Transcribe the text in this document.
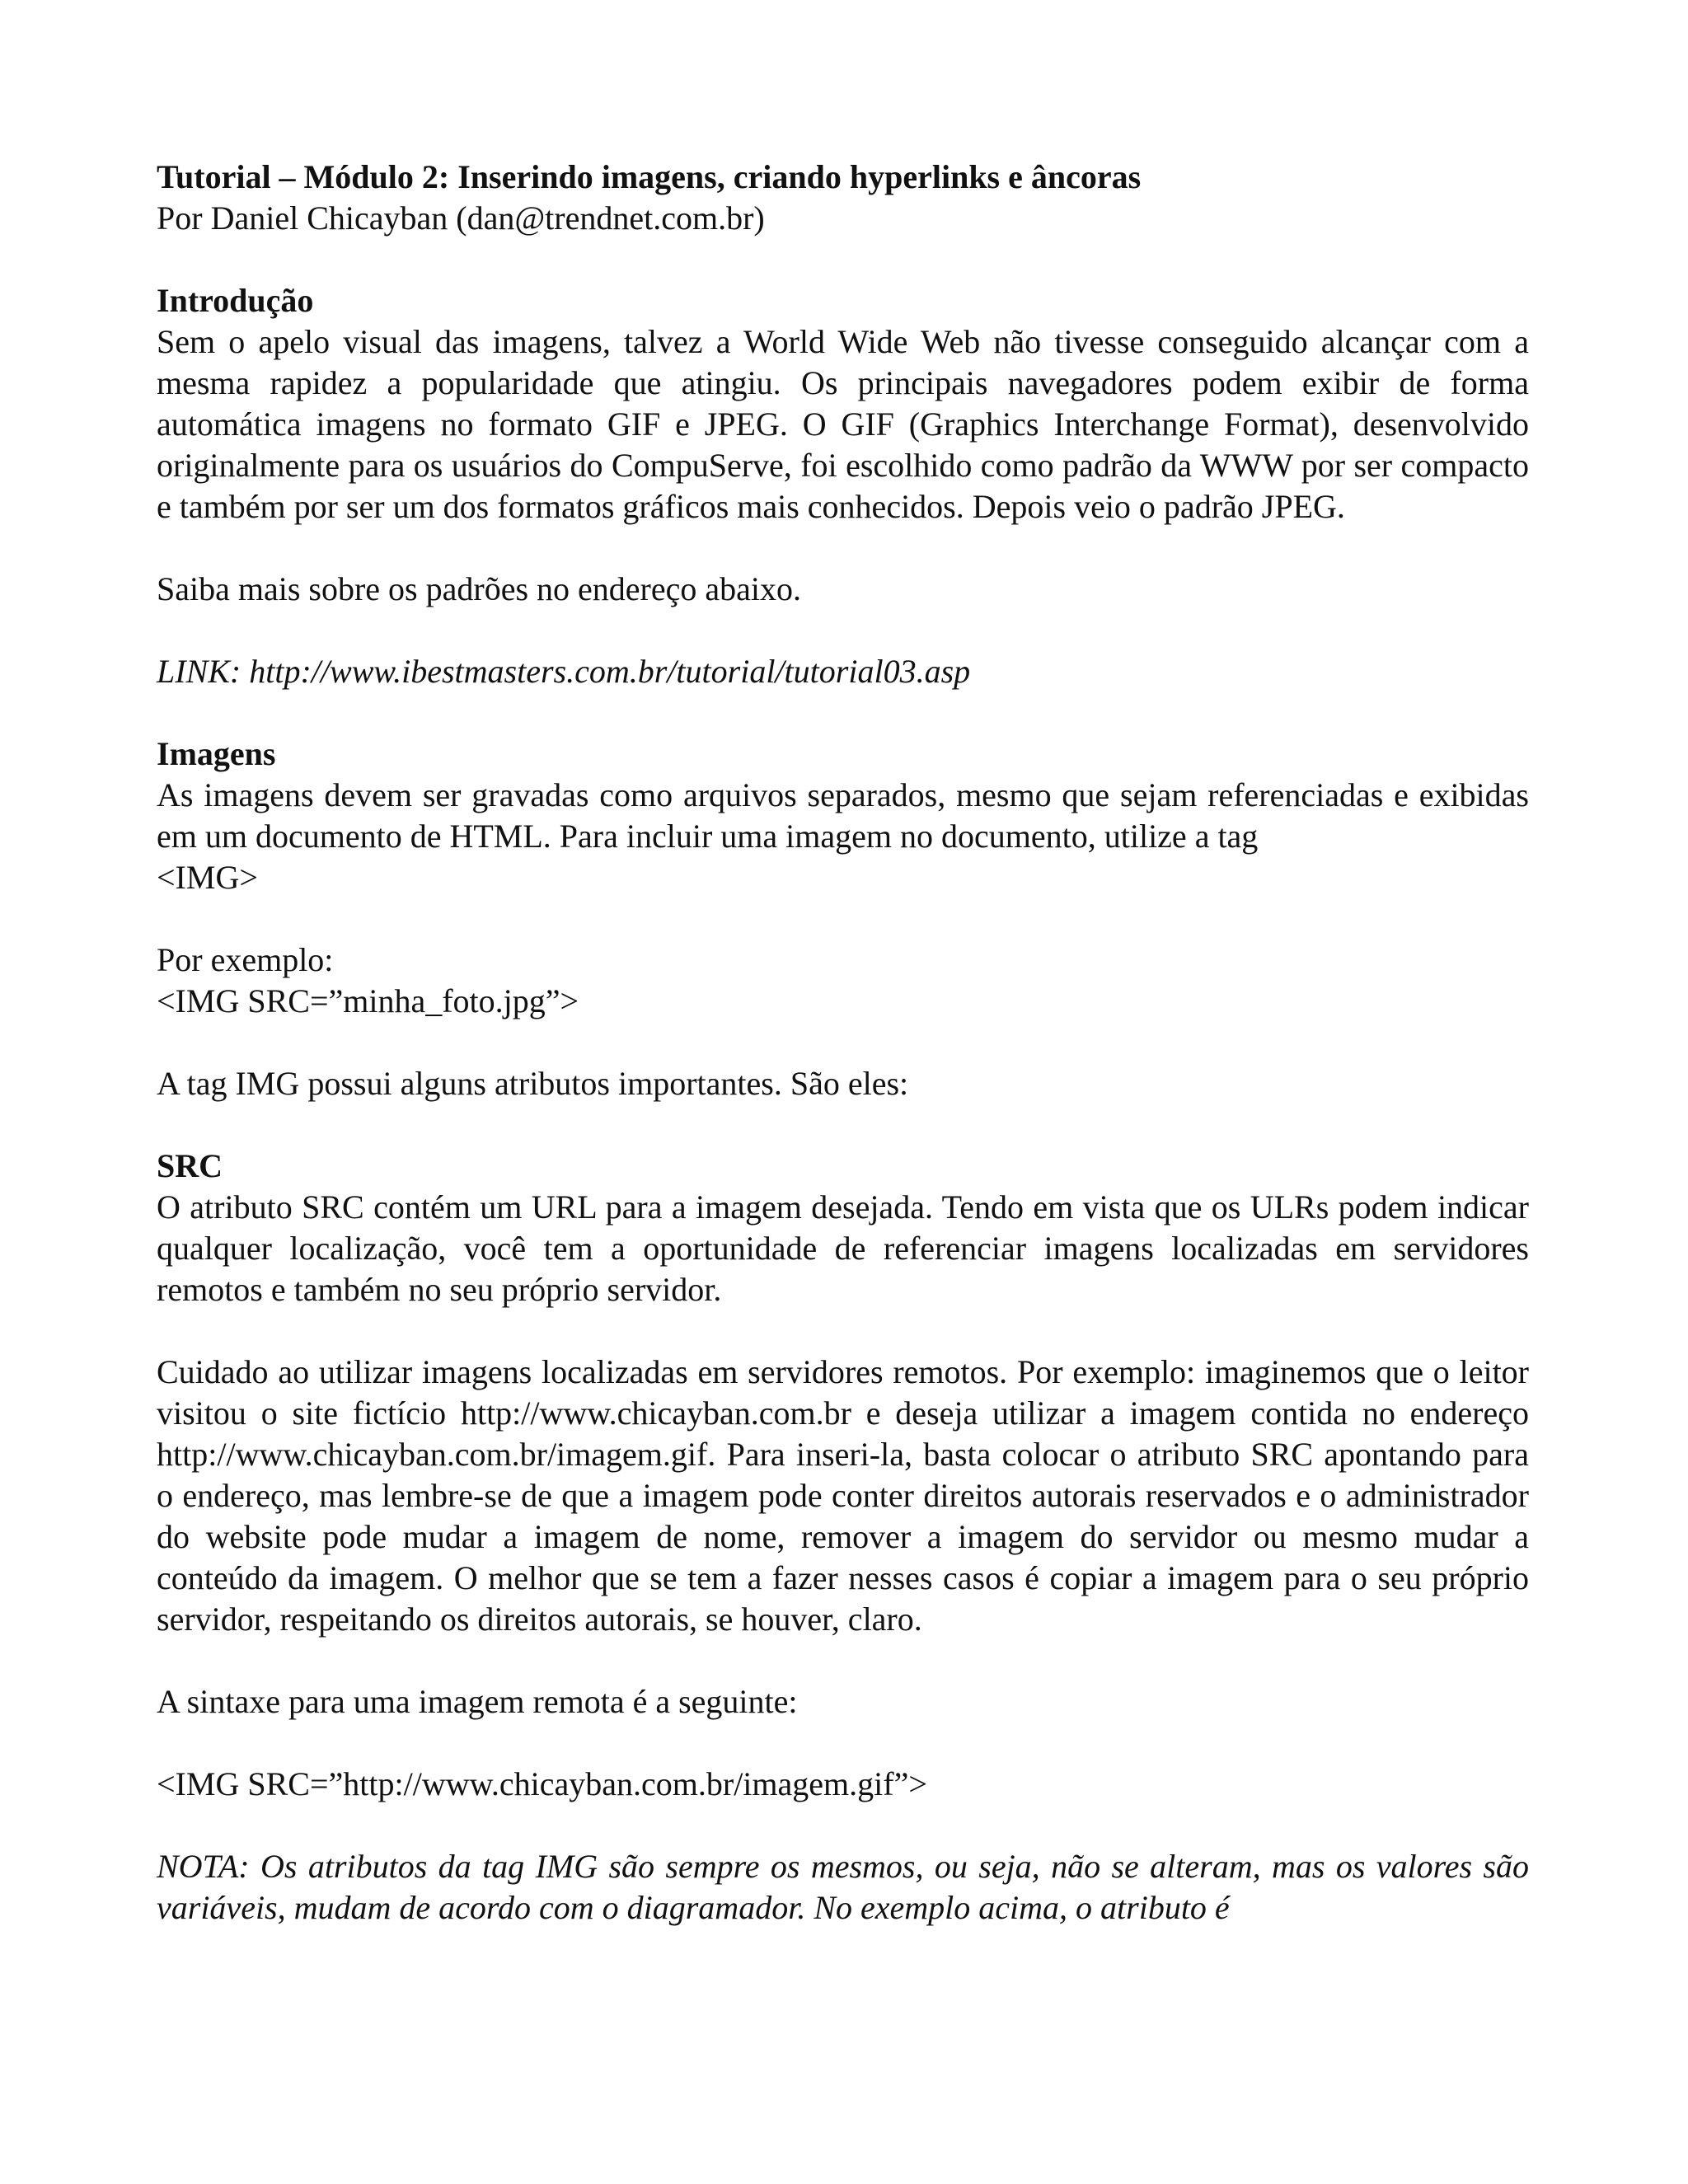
Tutorial – Módulo 2: Inserindo imagens, criando hyperlinks e âncoras

Por Daniel Chicayban (dan@trendnet.com.br)

Introdução

Sem o apelo visual das imagens, talvez a World Wide Web não tivesse conseguido alcançar com a mesma rapidez a popularidade que atingiu. Os principais navegadores podem exibir de forma automática imagens no formato GIF e JPEG. O GIF (Graphics Interchange Format), desenvolvido originalmente para os usuários do CompuServe, foi escolhido como padrão da WWW por ser compacto e também por ser um dos formatos gráficos mais conhecidos. Depois veio o padrão JPEG.

Saiba mais sobre os padrões no endereço abaixo.

LINK: http://www.ibestmasters.com.br/tutorial/tutorial03.asp

Imagens

As imagens devem ser gravadas como arquivos separados, mesmo que sejam referenciadas e exibidas em um documento de HTML. Para incluir uma imagem no documento, utilize a tag

<IMG>

Por exemplo:

<IMG SRC=”minha_foto.jpg”>

A tag IMG possui alguns atributos importantes. São eles:

SRC

O atributo SRC contém um URL para a imagem desejada. Tendo em vista que os ULRs podem indicar qualquer localização, você tem a oportunidade de referenciar imagens localizadas em servidores remotos e também no seu próprio servidor.

Cuidado ao utilizar imagens localizadas em servidores remotos. Por exemplo: imaginemos que o leitor visitou o site fictício http://www.chicayban.com.br e deseja utilizar a imagem contida no endereço http://www.chicayban.com.br/imagem.gif. Para inseri-la, basta colocar o atributo SRC apontando para o endereço, mas lembre-se de que a imagem pode conter direitos autorais reservados e o administrador do website pode mudar a imagem de nome, remover a imagem do servidor ou mesmo mudar a conteúdo da imagem. O melhor que se tem a fazer nesses casos é copiar a imagem para o seu próprio servidor, respeitando os direitos autorais, se houver, claro.

A sintaxe para uma imagem remota é a seguinte:

<IMG SRC=”http://www.chicayban.com.br/imagem.gif”>

NOTA: Os atributos da tag IMG são sempre os mesmos, ou seja, não se alteram, mas os valores são variáveis, mudam de acordo com o diagramador. No exemplo acima, o atributo é
